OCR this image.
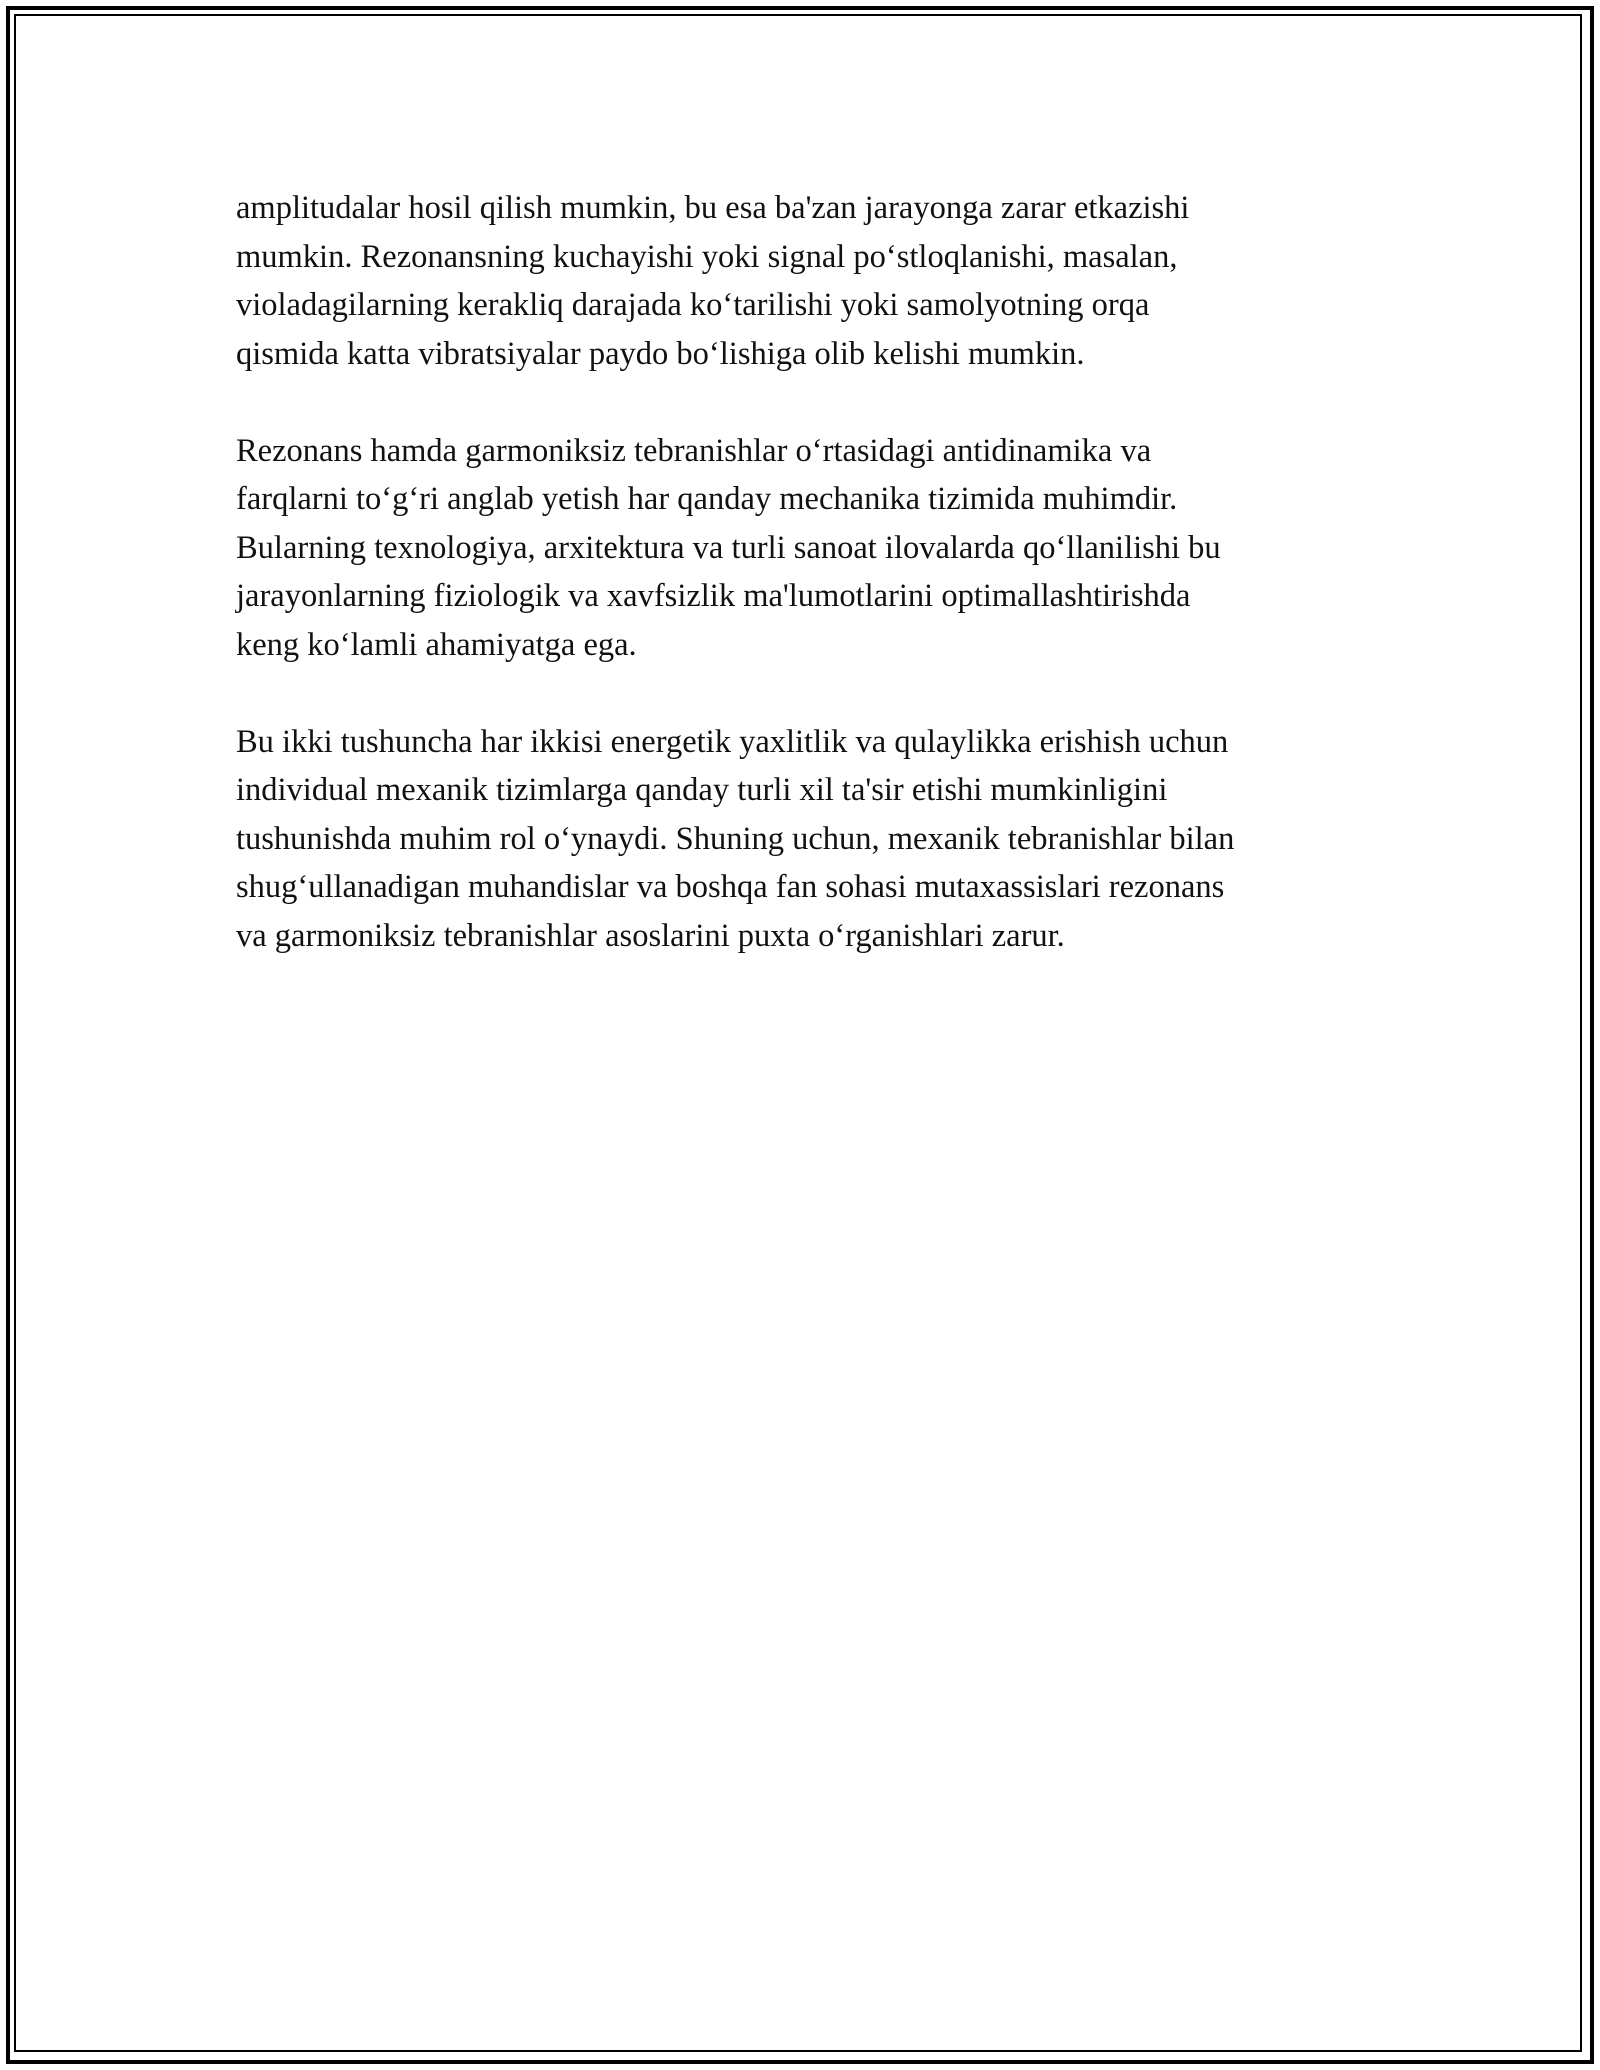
amplitudalar hosil qilish mumkin, bu esa ba'zan jarayonga zarar etkazishi
mumkin. Rezonansning kuchayishi yoki signal po‘stloqlanishi, masalan,
violadagilarning kerakliq darajada ko‘tarilishi yoki samolyotning orqa
qismida katta vibratsiyalar paydo bo‘lishiga olib kelishi mumkin.

Rezonans hamda garmoniksiz tebranishlar o‘rtasidagi antidinamika va
farqlarni to‘g‘ri anglab yetish har qanday mechanika tizimida muhimdir.
Bularning texnologiya, arxitektura va turli sanoat ilovalarda qo‘llanilishi bu
jarayonlarning fiziologik va xavfsizlik ma'lumotlarini optimallashtirishda
keng ko‘lamli ahamiyatga ega.

Bu ikki tushuncha har ikkisi energetik yaxlitlik va qulaylikka erishish uchun
individual mexanik tizimlarga qanday turli xil ta'sir etishi mumkinligini
tushunishda muhim rol o‘ynaydi. Shuning uchun, mexanik tebranishlar bilan
shug‘ullanadigan muhandislar va boshqa fan sohasi mutaxassislari rezonans
va garmoniksiz tebranishlar asoslarini puxta o‘rganishlari zarur.
